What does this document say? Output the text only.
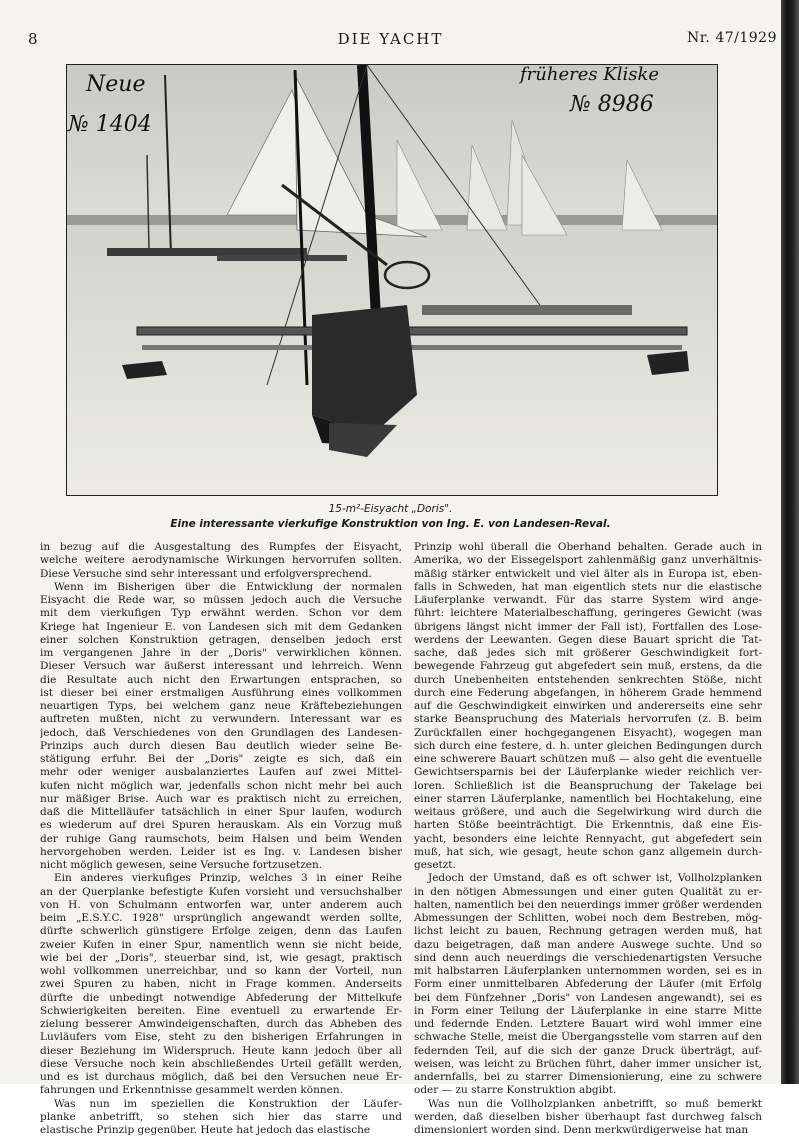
8	DIE YACHT	Nr. 47/1929
Neue
№ 1404
früheres Kliske
№ 8986
15-m²-Eisyacht „Doris".
Eine interessante vierkufige Konstruktion von Ing. E. von Landesen-Reval.
in bezug auf die Ausgestaltung des Rumpfes der Eisyacht,
welche weitere aerodynamische Wirkungen hervorrufen sollten.
Diese Versuche sind sehr interessant und erfolgversprechend.
Wenn im Bisherigen über die Entwicklung der normalen
Eisyacht die Rede war, so müssen jedoch auch die Versuche
mit dem vierkufigen Typ erwähnt werden. Schon vor dem
Kriege hat Ingenieur E. von Landesen sich mit dem Gedanken
einer solchen Konstruktion getragen, denselben jedoch erst
im vergangenen Jahre in der „Doris" verwirklichen können.
Dieser Versuch war äußerst interessant und lehrreich. Wenn
die Resultate auch nicht den Erwartungen entsprachen, so
ist dieser bei einer erstmaligen Ausführung eines vollkommen
neuartigen Typs, bei welchem ganz neue Kräftebeziehungen
auftreten mußten, nicht zu verwundern. Interessant war es
jedoch, daß Verschiedenes von den Grundlagen des Landesen-
Prinzips auch durch diesen Bau deutlich wieder seine Be-
stätigung erfuhr. Bei der „Doris" zeigte es sich, daß ein
mehr oder weniger ausbalanziertes Laufen auf zwei Mittel-
kufen nicht möglich war, jedenfalls schon nicht mehr bei auch
nur mäßiger Brise. Auch war es praktisch nicht zu erreichen,
daß die Mittelläufer tatsächlich in einer Spur laufen, wodurch
es wiederum auf drei Spuren herauskam. Als ein Vorzug muß
der ruhige Gang raumschots, beim Halsen und beim Wenden
hervorgehoben werden. Leider ist es Ing. v. Landesen bisher
nicht möglich gewesen, seine Versuche fortzusetzen.
Ein anderes vierkufiges Prinzip, welches 3 in einer Reihe
an der Querplanke befestigte Kufen vorsieht und versuchshalber
von H. von Schulmann entworfen war, unter anderem auch
beim „E.S.Y.C. 1928" ursprünglich angewandt werden sollte,
dürfte schwerlich günstigere Erfolge zeigen, denn das Laufen
zweier Kufen in einer Spur, namentlich wenn sie nicht beide,
wie bei der „Doris", steuerbar sind, ist, wie gesagt, praktisch
wohl vollkommen unerreichbar, und so kann der Vorteil, nun
zwei Spuren zu haben, nicht in Frage kommen. Anderseits
dürfte die unbedingt notwendige Abfederung der Mittelkufe
Schwierigkeiten bereiten. Eine eventuell zu erwartende Er-
zielung besserer Amwindeigenschaften, durch das Abheben des
Luvläufers vom Eise, steht zu den bisherigen Erfahrungen in
dieser Beziehung im Widerspruch. Heute kann jedoch über all
diese Versuche noch kein abschließendes Urteil gefällt werden,
und es ist durchaus möglich, daß bei den Versuchen neue Er-
fahrungen und Erkenntnisse gesammelt werden können.
Was nun im speziellen die Konstruktion der Läufer-
planke anbetrifft, so stehen sich hier das starre und
elastische Prinzip gegenüber. Heute hat jedoch das elastische
Prinzip wohl überall die Oberhand behalten. Gerade auch in
Amerika, wo der Eissegelsport zahlenmäßig ganz unverhältnis-
mäßig stärker entwickelt und viel älter als in Europa ist, eben-
falls in Schweden, hat man eigentlich stets nur die elastische
Läuferplanke verwandt. Für das starre System wird ange-
führt: leichtere Materialbeschaffung, geringeres Gewicht (was
übrigens längst nicht immer der Fall ist), Fortfallen des Lose-
werdens der Leewanten. Gegen diese Bauart spricht die Tat-
sache, daß jedes sich mit größerer Geschwindigkeit fort-
bewegende Fahrzeug gut abgefedert sein muß, erstens, da die
durch Unebenheiten entstehenden senkrechten Stöße, nicht
durch eine Federung abgefangen, in höherem Grade hemmend
auf die Geschwindigkeit einwirken und andererseits eine sehr
starke Beanspruchung des Materials hervorrufen (z. B. beim
Zurückfallen einer hochgegangenen Eisyacht), wogegen man
sich durch eine festere, d. h. unter gleichen Bedingungen durch
eine schwerere Bauart schützen muß — also geht die eventuelle
Gewichtsersparnis bei der Läuferplanke wieder reichlich ver-
loren. Schließlich ist die Beanspruchung der Takelage bei
einer starren Läuferplanke, namentlich bei Hochtakelung, eine
weitaus größere, und auch die Segelwirkung wird durch die
harten Stöße beeinträchtigt. Die Erkenntnis, daß eine Eis-
yacht, besonders eine leichte Rennyacht, gut abgefedert sein
muß, hat sich, wie gesagt, heute schon ganz allgemein durch-
gesetzt.
Jedoch der Umstand, daß es oft schwer ist, Vollholzplanken
in den nötigen Abmessungen und einer guten Qualität zu er-
halten, namentlich bei den neuerdings immer größer werdenden
Abmessungen der Schlitten, wobei noch dem Bestreben, mög-
lichst leicht zu bauen, Rechnung getragen werden muß, hat
dazu beigetragen, daß man andere Auswege suchte. Und so
sind denn auch neuerdings die verschiedenartigsten Versuche
mit halbstarren Läuferplanken unternommen worden, sei es in
Form einer unmittelbaren Abfederung der Läufer (mit Erfolg
bei dem Fünfzehner „Doris" von Landesen angewandt), sei es
in Form einer Teilung der Läuferplanke in eine starre Mitte
und federnde Enden. Letztere Bauart wird wohl immer eine
schwache Stelle, meist die Übergangsstelle vom starren auf den
federnden Teil, auf die sich der ganze Druck überträgt, auf-
weisen, was leicht zu Brüchen führt, daher immer unsicher ist,
andernfalls, bei zu starrer Dimensionierung, eine zu schwere
oder — zu starre Konstruktion abgibt.
Was nun die Vollholzplanken anbetrifft, so muß bemerkt
werden, daß dieselben bisher überhaupt fast durchweg falsch
dimensioniert worden sind. Denn merkwürdigerweise hat man
